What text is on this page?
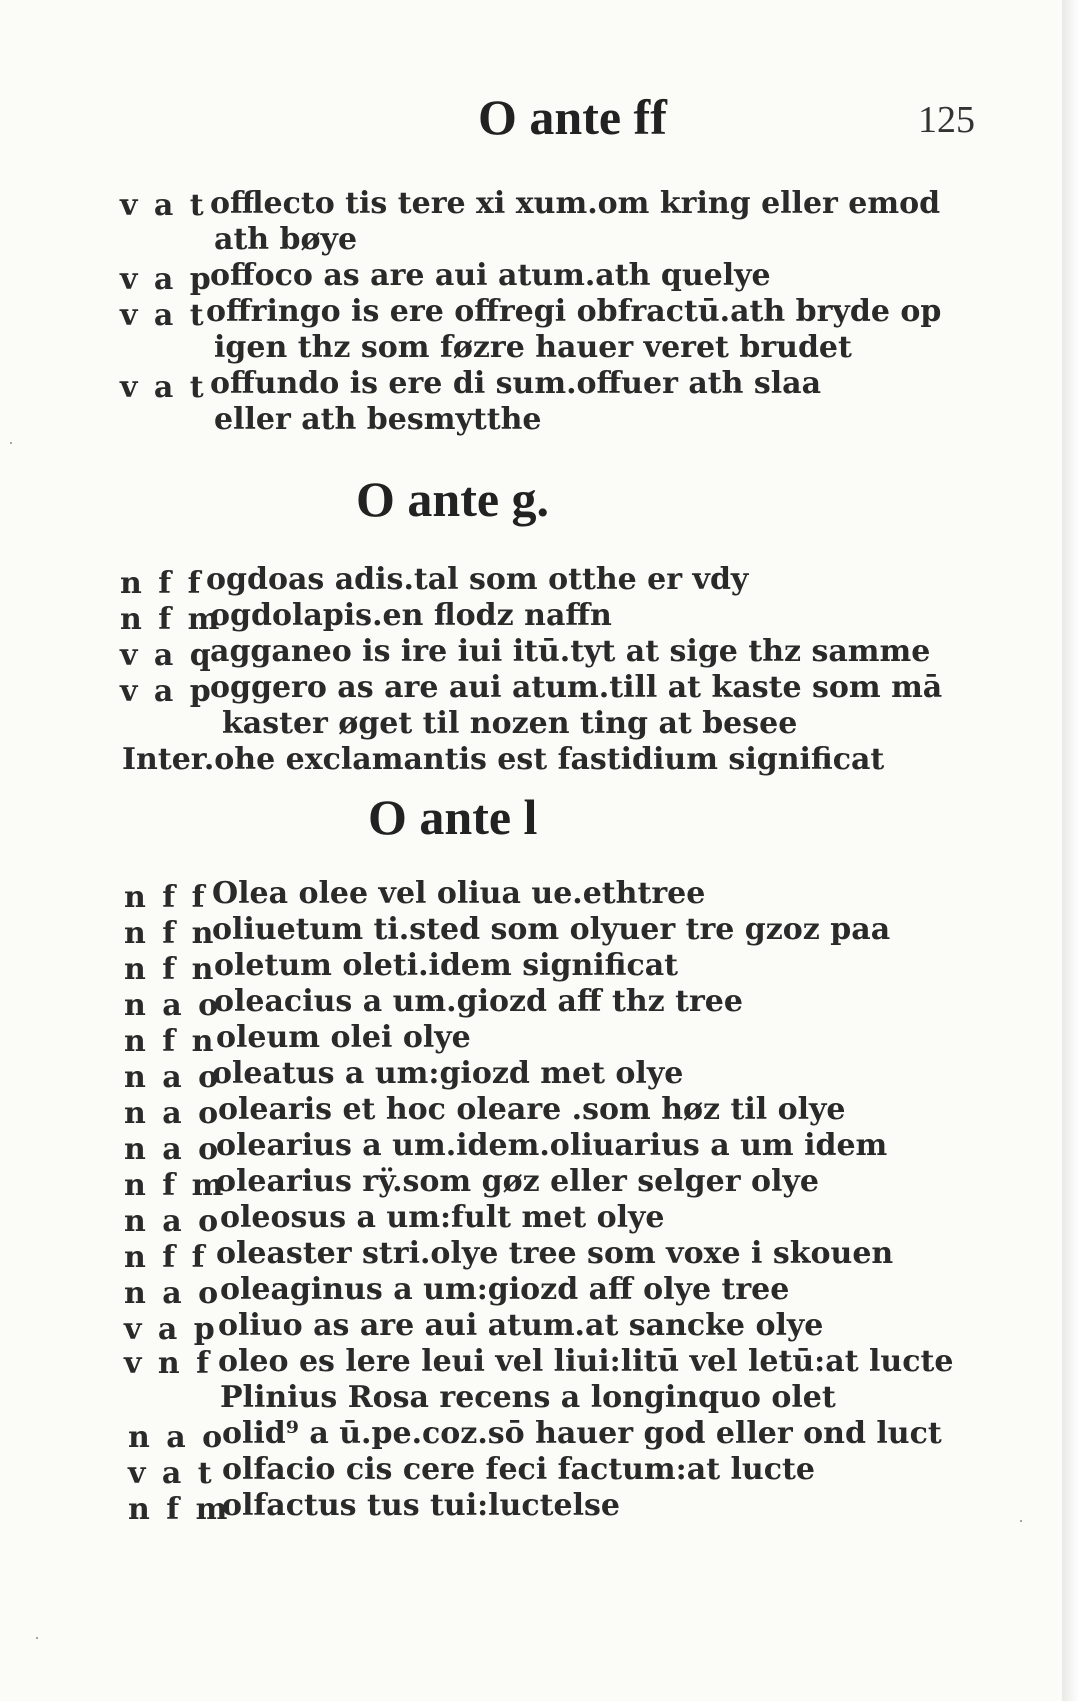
125
O ante ff
v a t offlecto tis tere xi xum.om kring eller emod
ath bøye
v a p
offoco as are aui atum.ath quelye
v a t offringo is ere offregi obfractū.ath bryde op
igen thz som føzre hauer veret brudet
v a t offundo is ere di sum.offuer ath slaa
eller ath besmytthe
O ante g.
n f f ogdoas adis.tal som otthe er vdy
n f m
ogdolapis.en flodz naffn
v a q
agganeo is ire iui itū.tyt at sige thz samme
v a p
oggero as are aui atum.till at kaste som mā
kaster øget til nozen ting at besee
Inter.ohe exclamantis est fastidium significat
O ante l
n f f Olea olee vel oliua ue.ethtree
n f n
oliuetum ti.sted som olyuer tre gzoz paa
n f n
oletum oleti.idem significat
n a o
oleacius a um.giozd aff thz tree
n f n oleum olei olye
n a o
oleatus a um:giozd met olye
n a o
olearis et hoc oleare .som høz til olye
n a o
olearius a um.idem.oliuarius a um idem
n f m
olearius rÿ.som gøz eller selger olye
n a o
oleosus a um:fult met olye
n f f oleaster stri.olye tree som voxe i skouen
n a o
oleaginus a um:giozd aff olye tree
v a p oliuo as are aui atum.at sancke olye
v n f oleo es lere leui vel liui:litū vel letū:at lucte
Plinius Rosa recens a longinquo olet
n a o
olid⁹ a ū.pe.coz.sō hauer god eller ond luct
v a t olfacio cis cere feci factum:at lucte
n f m
olfactus tus tui:luctelse
